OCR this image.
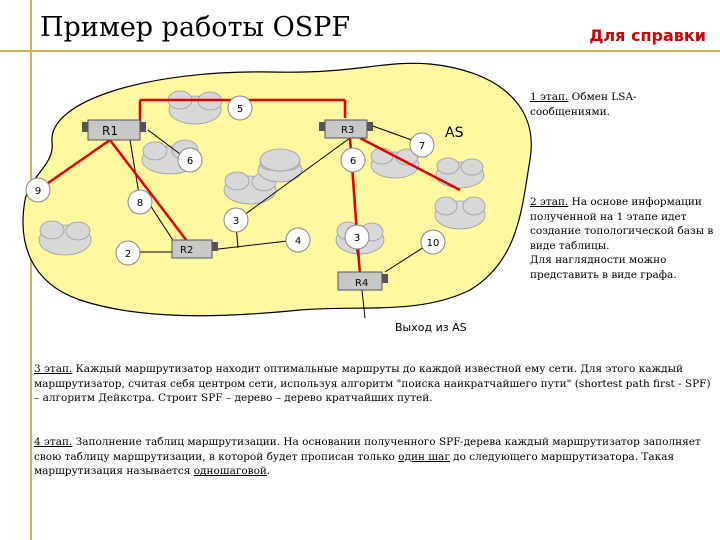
Пример работы OSPF	Для справки
R1	R3
R2
R4
5
6	6
7
9
8
3
4	3	10
2
AS
Выход из AS
1 этап. Обмен LSA-сообщениями.
2 этап. На основе информации полученной на 1 этапе идет создание топологической базы в виде таблицы.
Для наглядности можно представить в виде графа.
3 этап. Каждый маршрутизатор находит оптимальные маршруты до каждой известной ему сети. Для этого каждый маршрутизатор, считая себя центром сети, используя алгоритм "поиска наикратчайшего пути" (shortest path first - SPF) – алгоритм Дейкстра. Строит SPF – дерево – дерево кратчайших путей.
4 этап. Заполнение таблиц маршрутизации. На основании полученного SPF-дерева каждый маршрутизатор заполняет свою таблицу маршрутизации, в которой будет прописан только один шаг до следующего маршрутизатора. Такая маршрутизация называется одношаговой.
